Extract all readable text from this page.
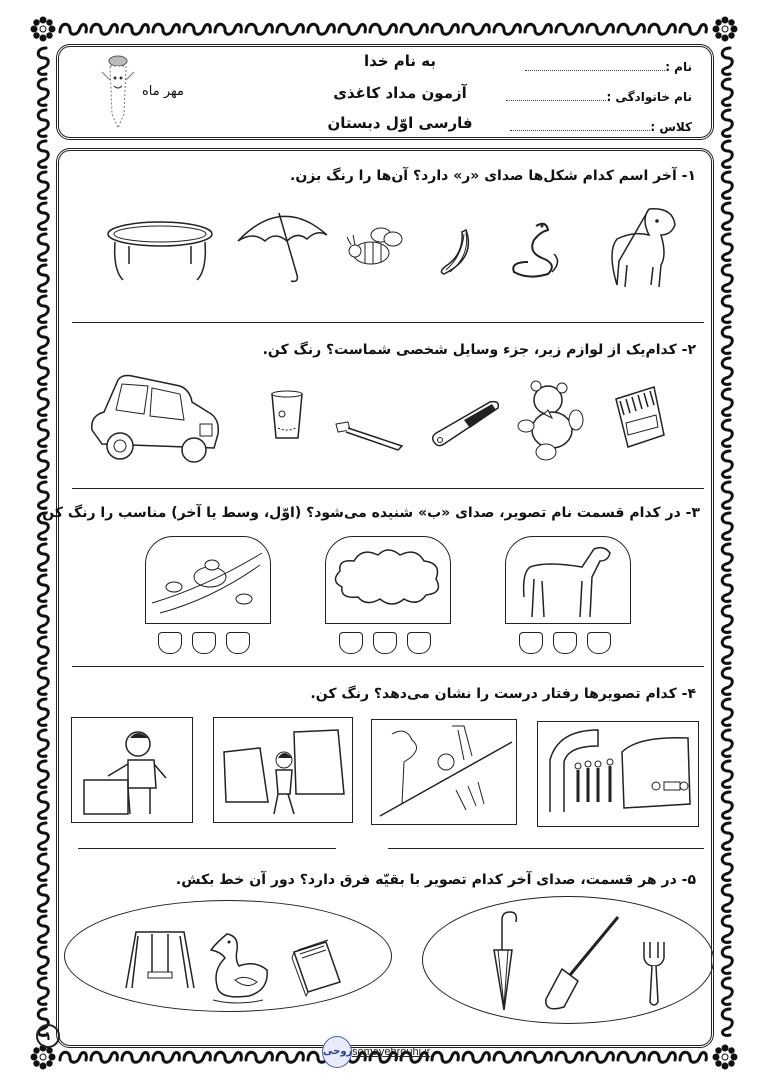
مهر ماه
به نام خدا
آزمون مداد کاغذی
فارسی اوّل دبستان
نام :
نام خانوادگی :
کلاس :
۱- آخر اسم کدام شکل‌ها صدای «ر» دارد؟ آن‌ها را رنگ بزن.
۲- کدام‌یک از لوازم زیر، جزء وسایل شخصی شماست؟ رنگ کن.
۳- در کدام قسمت نام تصویر، صدای «ب» شنیده می‌شود؟ (اوّل، وسط یا آخر) مناسب را رنگ کن.
۴- کدام تصویرها رفتار درست را نشان می‌دهد؟ رنگ کن.
۵- در هر قسمت، صدای آخر کدام تصویر با بقیّه فرق دارد؟ دور آن خط بکش.
۱
روحی somayehrouhi.ir
